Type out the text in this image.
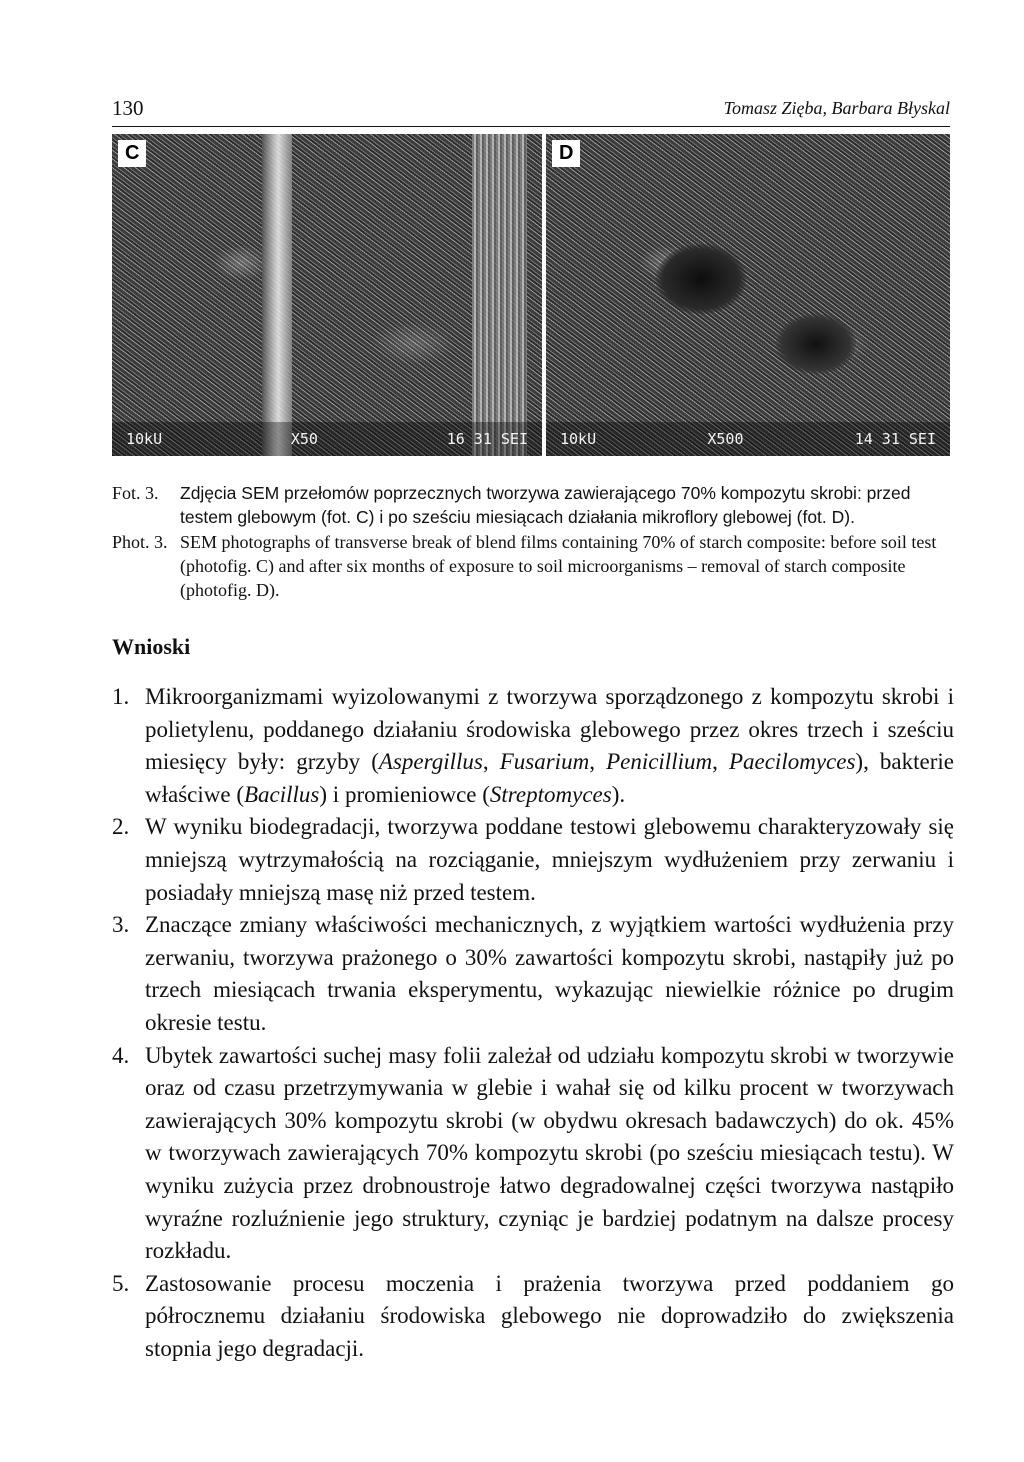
130	Tomasz Zięba, Barbara Błyskal
C
10kU	X50	16 31 SEI
D
10kU	X500	14 31 SEI
Fot. 3. Zdjęcia SEM przełomów poprzecznych tworzywa zawierającego 70% kompozytu skrobi: przed testem glebowym (fot. C) i po sześciu miesiącach działania mikroflory glebowej (fot. D).
Phot. 3. SEM photographs of transverse break of blend films containing 70% of starch composite: before soil test (photofig. C) and after six months of exposure to soil microorganisms – removal of starch composite (photofig. D).
Wnioski
1. Mikroorganizmami wyizolowanymi z tworzywa sporządzonego z kompozytu skrobi i polietylenu, poddanego działaniu środowiska glebowego przez okres trzech i sześciu miesięcy były: grzyby (Aspergillus, Fusarium, Penicillium, Paecilomyces), bakterie właściwe (Bacillus) i promieniowce (Streptomyces).
2. W wyniku biodegradacji, tworzywa poddane testowi glebowemu charakteryzowały się mniejszą wytrzymałością na rozciąganie, mniejszym wydłużeniem przy zerwaniu i posiadały mniejszą masę niż przed testem.
3. Znaczące zmiany właściwości mechanicznych, z wyjątkiem wartości wydłużenia przy zerwaniu, tworzywa prażonego o 30% zawartości kompozytu skrobi, nastąpiły już po trzech miesiącach trwania eksperymentu, wykazując niewielkie różnice po drugim okresie testu.
4. Ubytek zawartości suchej masy folii zależał od udziału kompozytu skrobi w tworzywie oraz od czasu przetrzymywania w glebie i wahał się od kilku procent w tworzywach zawierających 30% kompozytu skrobi (w obydwu okresach badawczych) do ok. 45% w tworzywach zawierających 70% kompozytu skrobi (po sześciu miesiącach testu). W wyniku zużycia przez drobnoustroje łatwo degradowalnej części tworzywa nastąpiło wyraźne rozluźnienie jego struktury, czyniąc je bardziej podatnym na dalsze procesy rozkładu.
5. Zastosowanie procesu moczenia i prażenia tworzywa przed poddaniem go półrocznemu działaniu środowiska glebowego nie doprowadziło do zwiększenia stopnia jego degradacji.
